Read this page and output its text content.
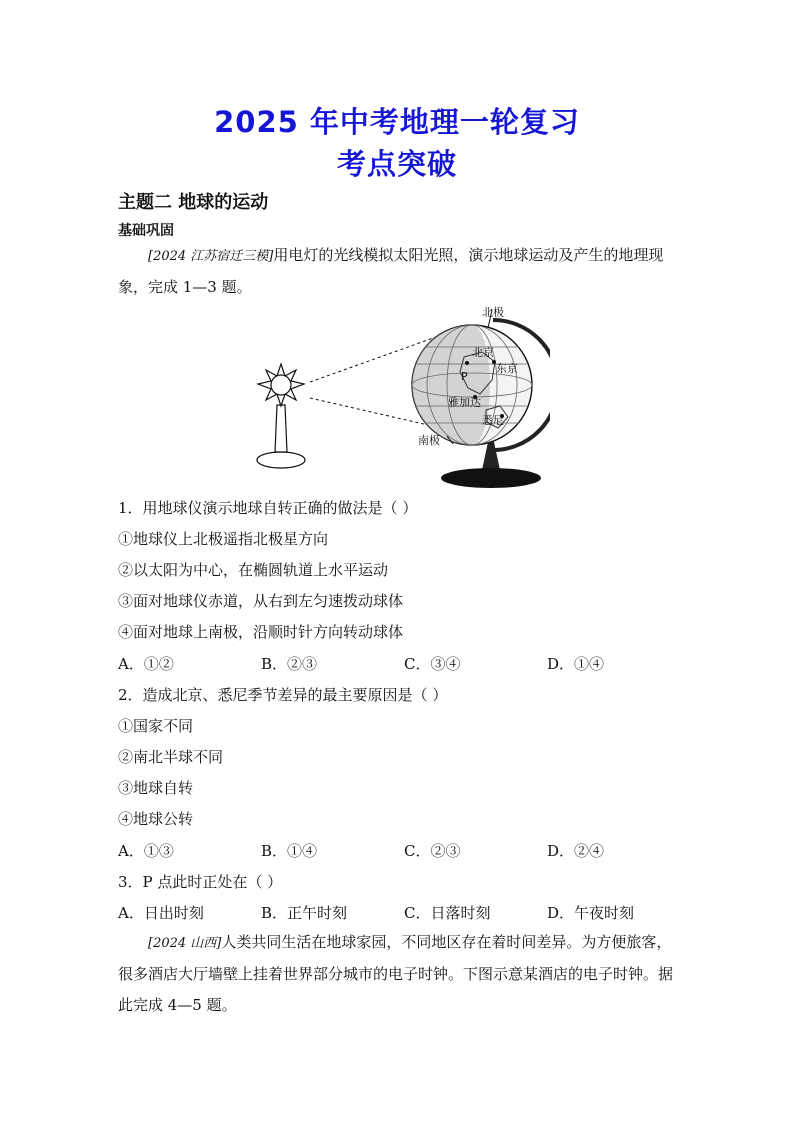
2025 年中考地理一轮复习
考点突破
主题二 地球的运动
基础巩固
[2024 江苏宿迁三模]用电灯的光线模拟太阳光照，演示地球运动及产生的地理现象，完成 1—3 题。
北极
南极
北京
东京
P
雅加达
悉尼
1．用地球仪演示地球自转正确的做法是（ ）
①地球仪上北极遥指北极星方向
②以太阳为中心，在椭圆轨道上水平运动
③面对地球仪赤道，从右到左匀速拨动球体
④面对地球上南极，沿顺时针方向转动球体
A．①②	B．②③	C．③④	D．①④
2．造成北京、悉尼季节差异的最主要原因是（ ）
①国家不同
②南北半球不同
③地球自转
④地球公转
A．①③	B．①④	C．②③	D．②④
3．P 点此时正处在（ ）
A．日出时刻	B．正午时刻	C．日落时刻	D．午夜时刻
[2024 山西]人类共同生活在地球家园，不同地区存在着时间差异。为方便旅客，很多酒店大厅墙壁上挂着世界部分城市的电子时钟。下图示意某酒店的电子时钟。据此完成 4—5 题。
